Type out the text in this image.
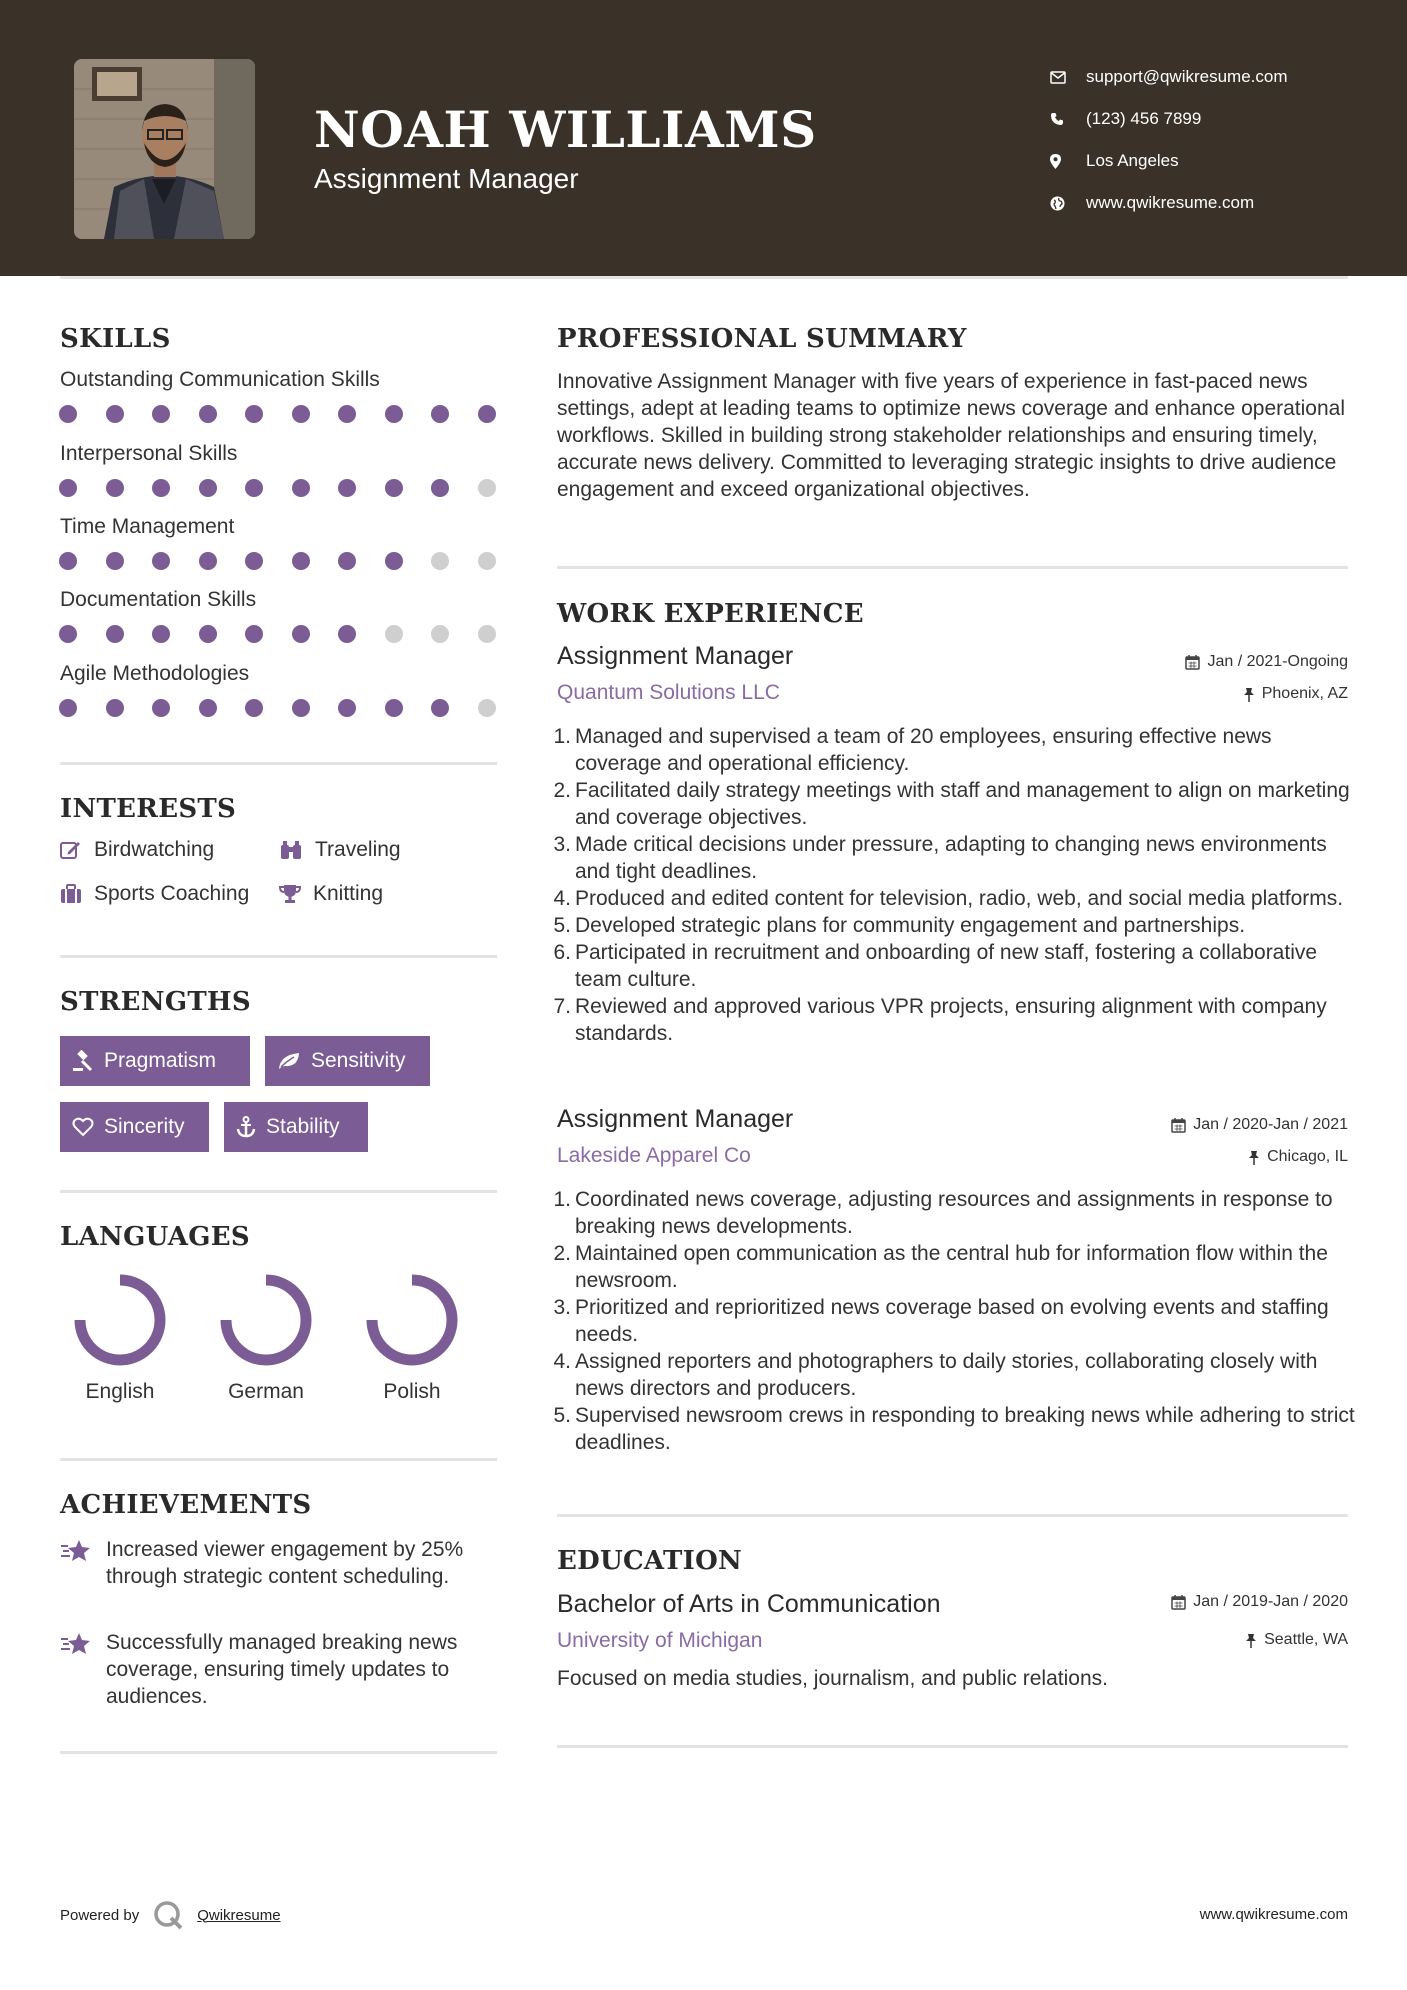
NOAH WILLIAMS
Assignment Manager
support@qwikresume.com
(123) 456 7899
Los Angeles
www.qwikresume.com
SKILLS
Outstanding Communication Skills
Interpersonal Skills
Time Management
Documentation Skills
Agile Methodologies
INTERESTS
Birdwatching	Traveling
Sports Coaching	Knitting
STRENGTHS
Pragmatism	Sensitivity
Sincerity	Stability
LANGUAGES
English	German	Polish
ACHIEVEMENTS
Increased viewer engagement by 25% through strategic content scheduling.
Successfully managed breaking news coverage, ensuring timely updates to audiences.
PROFESSIONAL SUMMARY
Innovative Assignment Manager with five years of experience in fast-paced news settings, adept at leading teams to optimize news coverage and enhance operational workflows. Skilled in building strong stakeholder relationships and ensuring timely, accurate news delivery. Committed to leveraging strategic insights to drive audience engagement and exceed organizational objectives.
WORK EXPERIENCE
Assignment Manager	Jan / 2021-Ongoing
Quantum Solutions LLC	Phoenix, AZ
1. Managed and supervised a team of 20 employees, ensuring effective news coverage and operational efficiency.
2. Facilitated daily strategy meetings with staff and management to align on marketing and coverage objectives.
3. Made critical decisions under pressure, adapting to changing news environments and tight deadlines.
4. Produced and edited content for television, radio, web, and social media platforms.
5. Developed strategic plans for community engagement and partnerships.
6. Participated in recruitment and onboarding of new staff, fostering a collaborative team culture.
7. Reviewed and approved various VPR projects, ensuring alignment with company standards.
Assignment Manager	Jan / 2020-Jan / 2021
Lakeside Apparel Co	Chicago, IL
1. Coordinated news coverage, adjusting resources and assignments in response to breaking news developments.
2. Maintained open communication as the central hub for information flow within the newsroom.
3. Prioritized and reprioritized news coverage based on evolving events and staffing needs.
4. Assigned reporters and photographers to daily stories, collaborating closely with news directors and producers.
5. Supervised newsroom crews in responding to breaking news while adhering to strict deadlines.
EDUCATION
Bachelor of Arts in Communication	Jan / 2019-Jan / 2020
University of Michigan	Seattle, WA
Focused on media studies, journalism, and public relations.
Powered by	Qwikresume	www.qwikresume.com
